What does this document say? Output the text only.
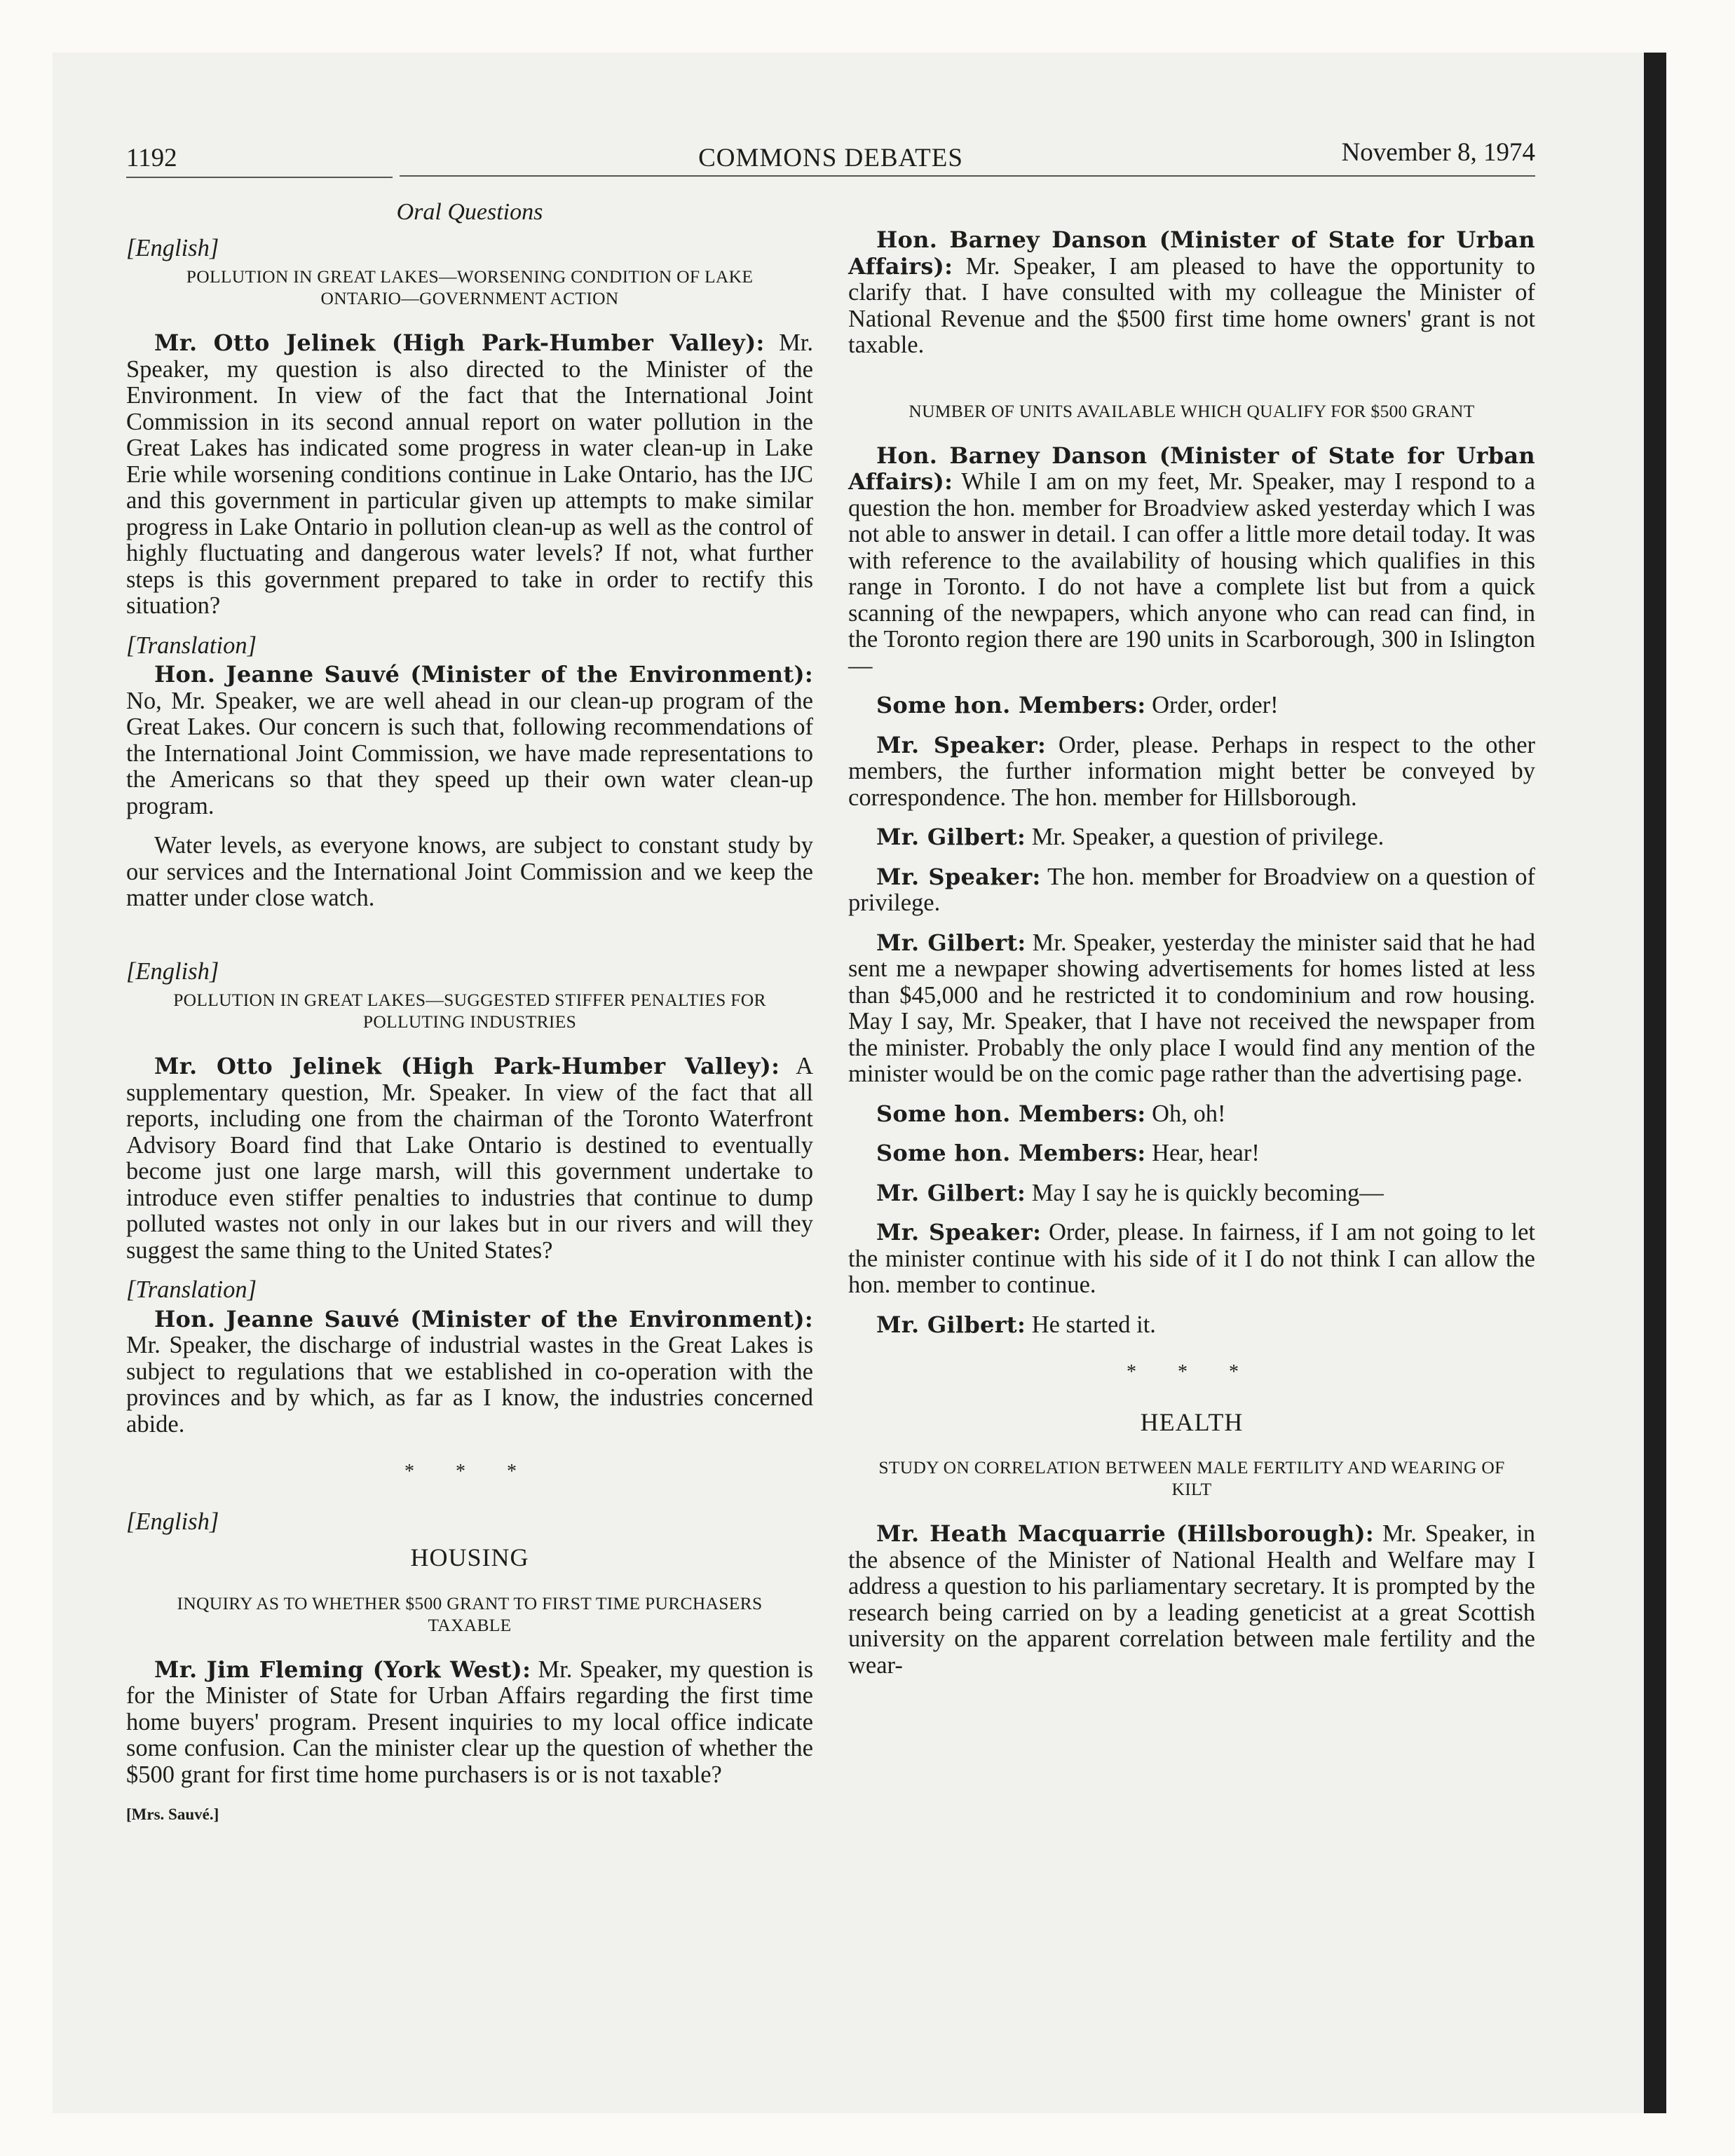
1192	COMMONS DEBATES	November 8, 1974
Oral Questions
[English]
POLLUTION IN GREAT LAKES—WORSENING CONDITION OF LAKE ONTARIO—GOVERNMENT ACTION

Mr. Otto Jelinek (High Park-Humber Valley): Mr. Speaker, my question is also directed to the Minister of the Environment. In view of the fact that the International Joint Commission in its second annual report on water pollution in the Great Lakes has indicated some progress in water clean-up in Lake Erie while worsening conditions continue in Lake Ontario, has the IJC and this government in particular given up attempts to make similar progress in Lake Ontario in pollution clean-up as well as the control of highly fluctuating and dangerous water levels? If not, what further steps is this government prepared to take in order to rectify this situation?

[Translation]

Hon. Jeanne Sauvé (Minister of the Environment): No, Mr. Speaker, we are well ahead in our clean-up program of the Great Lakes. Our concern is such that, following recommendations of the International Joint Commission, we have made representations to the Americans so that they speed up their own water clean-up program.

Water levels, as everyone knows, are subject to constant study by our services and the International Joint Commission and we keep the matter under close watch.

[English]
POLLUTION IN GREAT LAKES—SUGGESTED STIFFER PENALTIES FOR POLLUTING INDUSTRIES

Mr. Otto Jelinek (High Park-Humber Valley): A supplementary question, Mr. Speaker. In view of the fact that all reports, including one from the chairman of the Toronto Waterfront Advisory Board find that Lake Ontario is destined to eventually become just one large marsh, will this government undertake to introduce even stiffer penalties to industries that continue to dump polluted wastes not only in our lakes but in our rivers and will they suggest the same thing to the United States?

[Translation]

Hon. Jeanne Sauvé (Minister of the Environment): Mr. Speaker, the discharge of industrial wastes in the Great Lakes is subject to regulations that we established in co-operation with the provinces and by which, as far as I know, the industries concerned abide.

* * *
[English]
HOUSING
INQUIRY AS TO WHETHER $500 GRANT TO FIRST TIME PURCHASERS TAXABLE

Mr. Jim Fleming (York West): Mr. Speaker, my question is for the Minister of State for Urban Affairs regarding the first time home buyers' program. Present inquiries to my local office indicate some confusion. Can the minister clear up the question of whether the $500 grant for first time home purchasers is or is not taxable?

[Mrs. Sauvé.]

Hon. Barney Danson (Minister of State for Urban Affairs): Mr. Speaker, I am pleased to have the opportunity to clarify that. I have consulted with my colleague the Minister of National Revenue and the $500 first time home owners' grant is not taxable.

NUMBER OF UNITS AVAILABLE WHICH QUALIFY FOR $500 GRANT

Hon. Barney Danson (Minister of State for Urban Affairs): While I am on my feet, Mr. Speaker, may I respond to a question the hon. member for Broadview asked yesterday which I was not able to answer in detail. I can offer a little more detail today. It was with reference to the availability of housing which qualifies in this range in Toronto. I do not have a complete list but from a quick scanning of the newpapers, which anyone who can read can find, in the Toronto region there are 190 units in Scarborough, 300 in Islington—

Some hon. Members: Order, order!

Mr. Speaker: Order, please. Perhaps in respect to the other members, the further information might better be conveyed by correspondence. The hon. member for Hillsborough.

Mr. Gilbert: Mr. Speaker, a question of privilege.

Mr. Speaker: The hon. member for Broadview on a question of privilege.

Mr. Gilbert: Mr. Speaker, yesterday the minister said that he had sent me a newpaper showing advertisements for homes listed at less than $45,000 and he restricted it to condominium and row housing. May I say, Mr. Speaker, that I have not received the newspaper from the minister. Probably the only place I would find any mention of the minister would be on the comic page rather than the advertising page.

Some hon. Members: Oh, oh!

Some hon. Members: Hear, hear!

Mr. Gilbert: May I say he is quickly becoming—

Mr. Speaker: Order, please. In fairness, if I am not going to let the minister continue with his side of it I do not think I can allow the hon. member to continue.

Mr. Gilbert: He started it.

* * *
HEALTH
STUDY ON CORRELATION BETWEEN MALE FERTILITY AND WEARING OF KILT

Mr. Heath Macquarrie (Hillsborough): Mr. Speaker, in the absence of the Minister of National Health and Welfare may I address a question to his parliamentary secretary. It is prompted by the research being carried on by a leading geneticist at a great Scottish university on the apparent correlation between male fertility and the wear-
